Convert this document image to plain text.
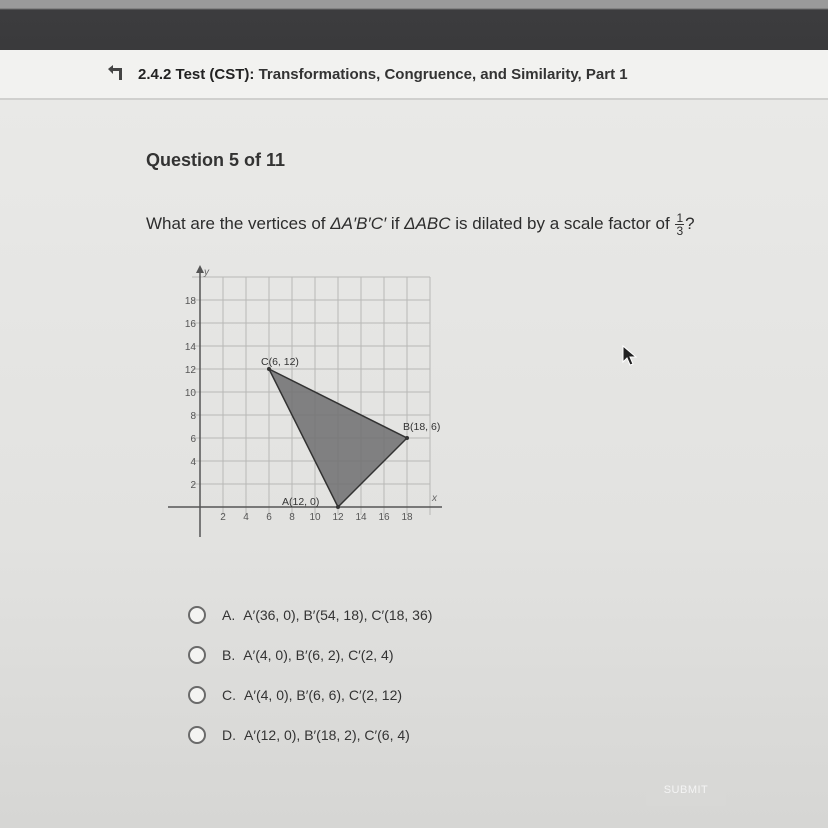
2.4.2 Test (CST): Transformations, Congruence, and Similarity, Part 1
Question 5 of 11
What are the vertices of ΔA′B′C′ if ΔABC is dilated by a scale factor of $\frac{1}{3}$ ?
x
y
2 4 6 8 10 12 14 16 18
2
4
6
8
10
12
14
16
18
A(12, 0)
B(18, 6)
C(6, 12)
A. A′(36, 0), B′(54, 18), C′(18, 36)
B. A′(4, 0), B′(6, 2), C′(2, 4)
C. A′(4, 0), B′(6, 6), C′(2, 12)
D. A′(12, 0), B′(18, 2), C′(6, 4)
SUBMIT
